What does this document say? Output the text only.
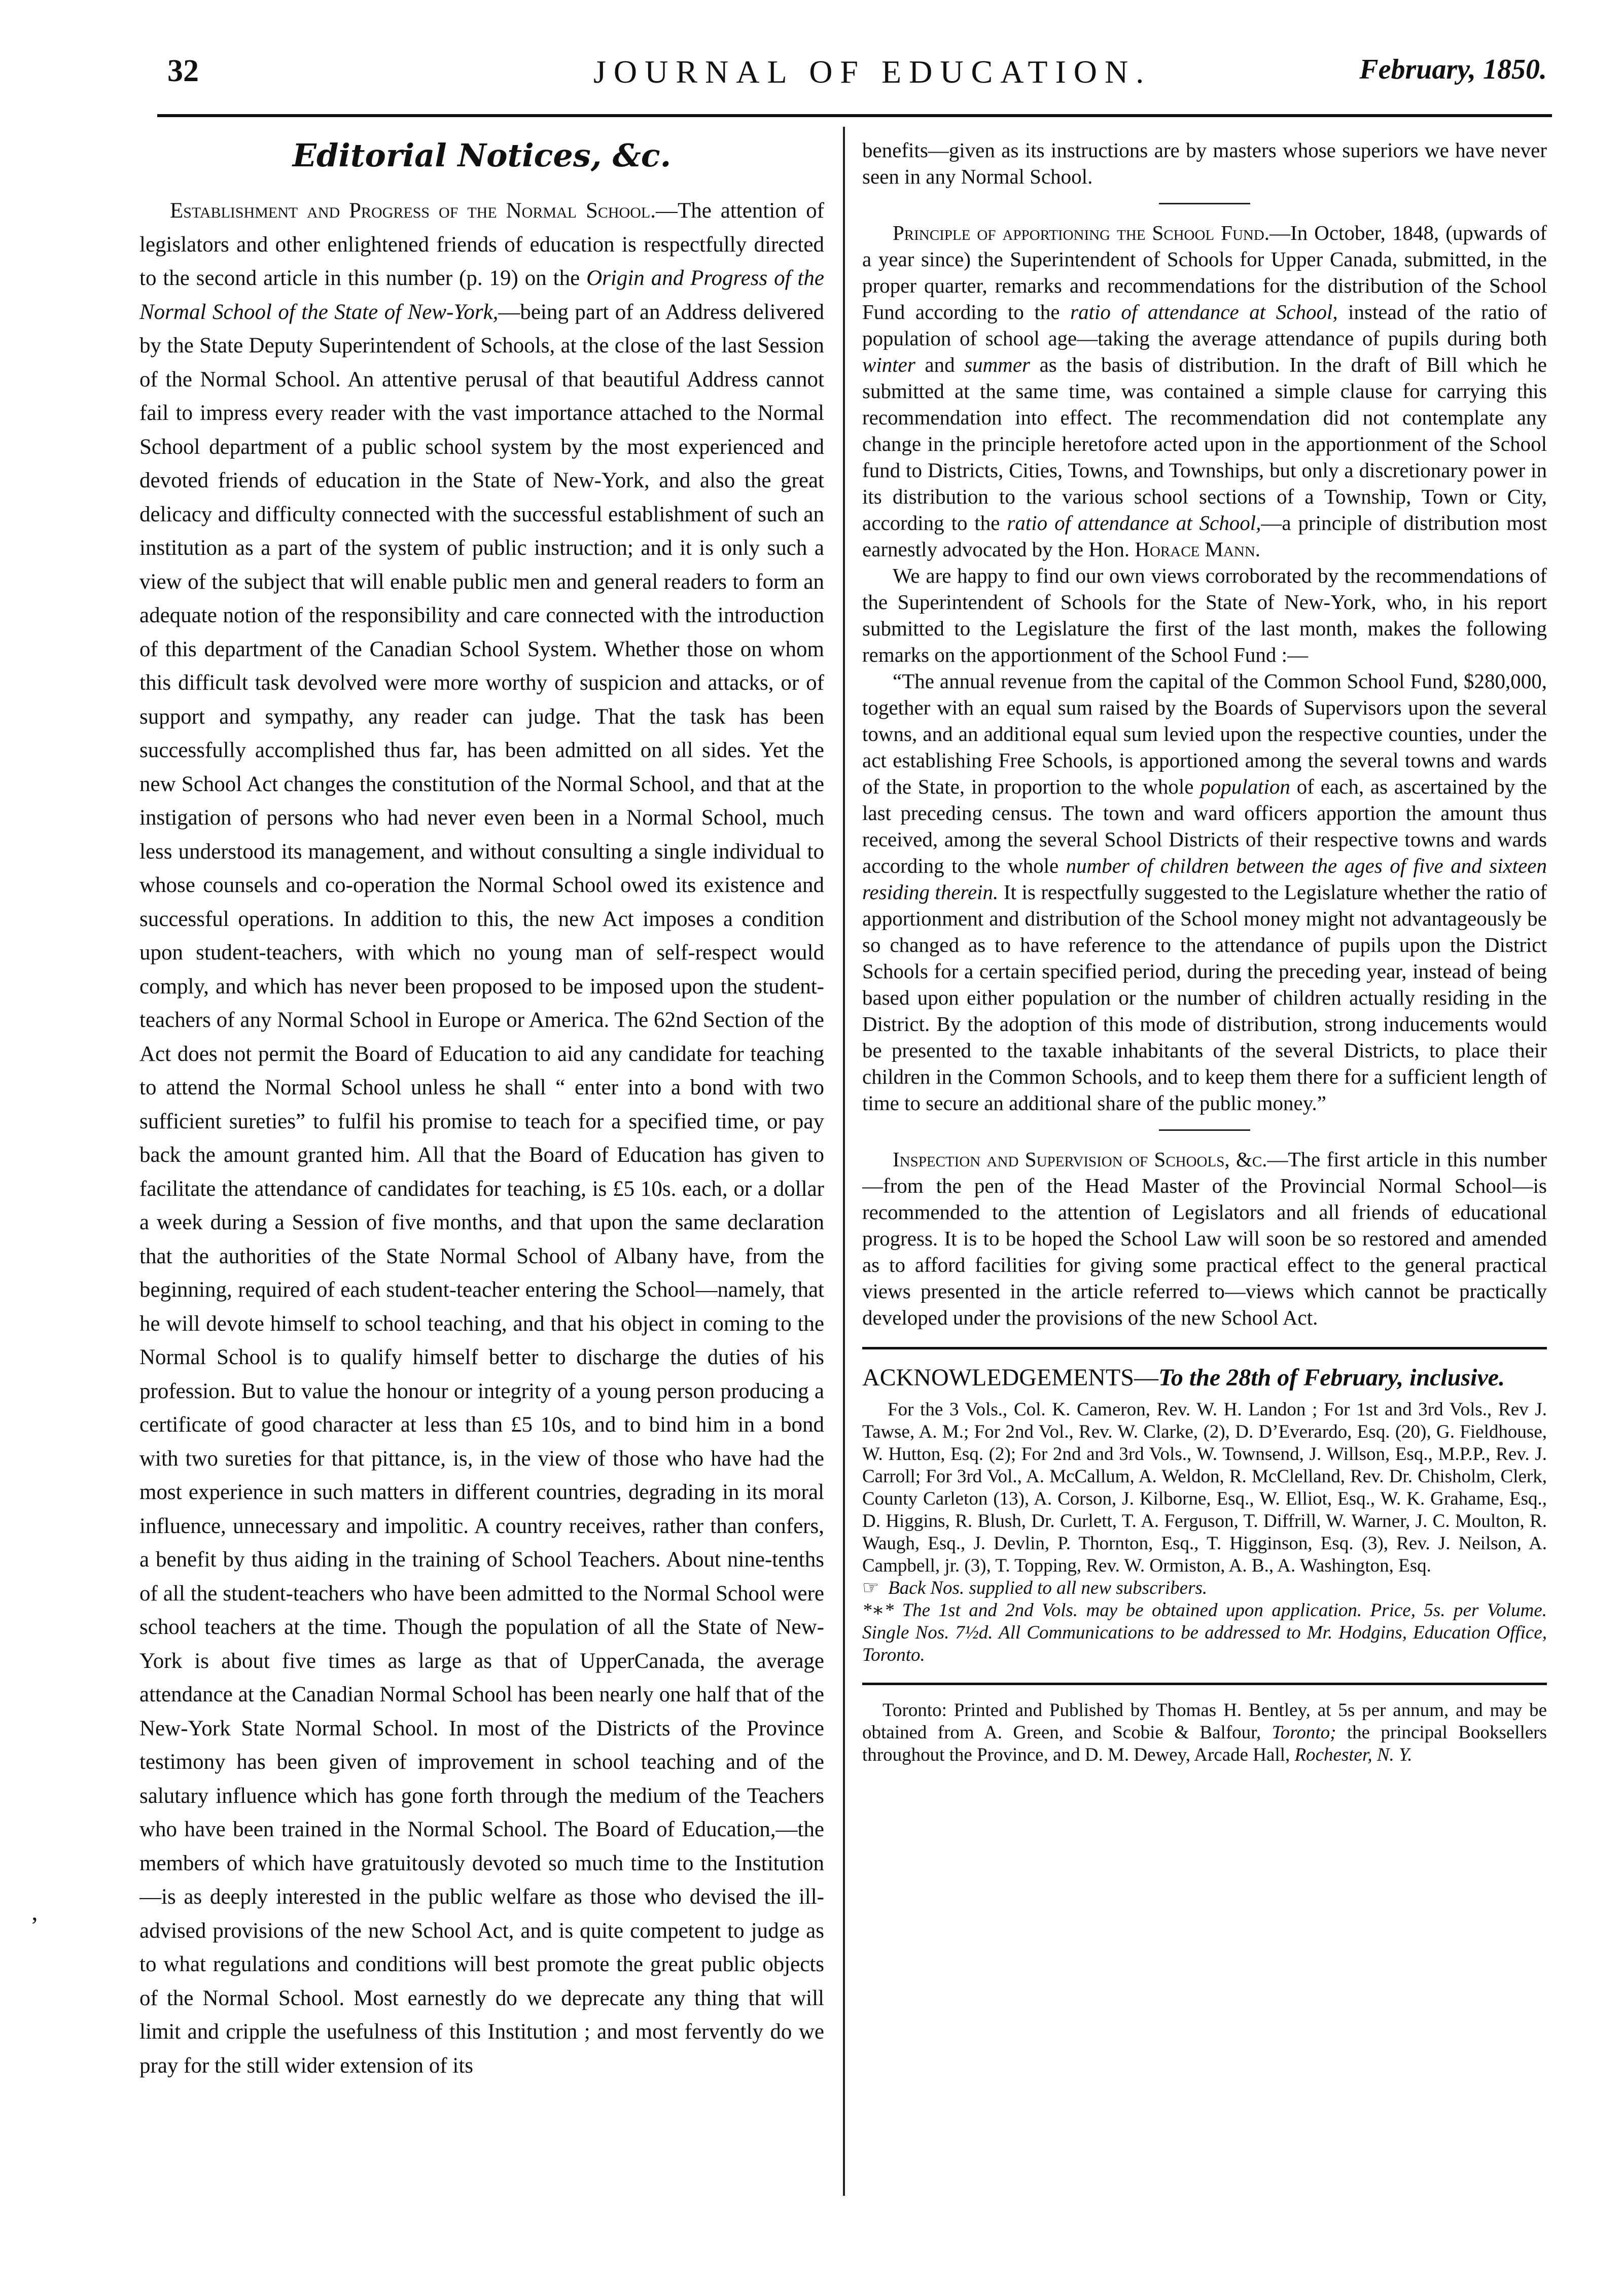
32	JOURNAL OF EDUCATION.	February, 1850.
’
Editorial Notices, &c.

Establishment and Progress of the Normal School.—The attention of legislators and other enlightened friends of education is respectfully directed to the second article in this number (p. 19) on the Origin and Progress of the Normal School of the State of New-York,—being part of an Address delivered by the State Deputy Superintendent of Schools, at the close of the last Session of the Normal School. An attentive perusal of that beautiful Address cannot fail to impress every reader with the vast importance attached to the Normal School department of a public school system by the most experienced and devoted friends of education in the State of New-York, and also the great delicacy and difficulty connected with the successful establishment of such an institution as a part of the system of public instruction; and it is only such a view of the subject that will enable public men and general readers to form an adequate notion of the responsibility and care connected with the introduction of this department of the Canadian School System. Whether those on whom this difficult task devolved were more worthy of suspicion and attacks, or of support and sympathy, any reader can judge. That the task has been successfully accomplished thus far, has been admitted on all sides. Yet the new School Act changes the constitution of the Normal School, and that at the instigation of persons who had never even been in a Normal School, much less understood its management, and without consulting a single individual to whose counsels and co-operation the Normal School owed its existence and successful operations. In addition to this, the new Act imposes a condition upon student-teachers, with which no young man of self-respect would comply, and which has never been proposed to be imposed upon the student-teachers of any Normal School in Europe or America. The 62nd Section of the Act does not permit the Board of Education to aid any candidate for teaching to attend the Normal School unless he shall “ enter into a bond with two sufficient sureties” to fulfil his promise to teach for a specified time, or pay back the amount granted him. All that the Board of Education has given to facilitate the attendance of candidates for teaching, is £5 10s. each, or a dollar a week during a Session of five months, and that upon the same declaration that the authorities of the State Normal School of Albany have, from the beginning, required of each student-teacher entering the School—namely, that he will devote himself to school teaching, and that his object in coming to the Normal School is to qualify himself better to discharge the duties of his profession. But to value the honour or integrity of a young person producing a certificate of good character at less than £5 10s, and to bind him in a bond with two sureties for that pittance, is, in the view of those who have had the most experience in such matters in different countries, degrading in its moral influence, unnecessary and impolitic. A country receives, rather than confers, a benefit by thus aiding in the training of School Teachers. About nine-tenths of all the student-teachers who have been admitted to the Normal School were school teachers at the time. Though the population of all the State of New-York is about five times as large as that of UpperCanada, the average attendance at the Canadian Normal School has been nearly one half that of the New-York State Normal School. In most of the Districts of the Province testimony has been given of improvement in school teaching and of the salutary influence which has gone forth through the medium of the Teachers who have been trained in the Normal School. The Board of Education,—the members of which have gratuitously devoted so much time to the Institution—is as deeply interested in the public welfare as those who devised the ill-advised provisions of the new School Act, and is quite competent to judge as to what regulations and conditions will best promote the great public objects of the Normal School. Most earnestly do we deprecate any thing that will limit and cripple the usefulness of this Institution ; and most fervently do we pray for the still wider extension of its

benefits—given as its instructions are by masters whose superiors we have never seen in any Normal School.

Principle of apportioning the School Fund.—In October, 1848, (upwards of a year since) the Superintendent of Schools for Upper Canada, submitted, in the proper quarter, remarks and recommendations for the distribution of the School Fund according to the ratio of attendance at School, instead of the ratio of population of school age—taking the average attendance of pupils during both winter and summer as the basis of distribution. In the draft of Bill which he submitted at the same time, was contained a simple clause for carrying this recommendation into effect. The recommendation did not contemplate any change in the principle heretofore acted upon in the apportionment of the School fund to Districts, Cities, Towns, and Townships, but only a discretionary power in its distribution to the various school sections of a Township, Town or City, according to the ratio of attendance at School,—a principle of distribution most earnestly advocated by the Hon. Horace Mann.

We are happy to find our own views corroborated by the recommendations of the Superintendent of Schools for the State of New-York, who, in his report submitted to the Legislature the first of the last month, makes the following remarks on the apportionment of the School Fund :—

“The annual revenue from the capital of the Common School Fund, $280,000, together with an equal sum raised by the Boards of Supervisors upon the several towns, and an additional equal sum levied upon the respective counties, under the act establishing Free Schools, is apportioned among the several towns and wards of the State, in proportion to the whole population of each, as ascertained by the last preceding census. The town and ward officers apportion the amount thus received, among the several School Districts of their respective towns and wards according to the whole number of children between the ages of five and sixteen residing therein. It is respectfully suggested to the Legislature whether the ratio of apportionment and distribution of the School money might not advantageously be so changed as to have reference to the attendance of pupils upon the District Schools for a certain specified period, during the preceding year, instead of being based upon either population or the number of children actually residing in the District. By the adoption of this mode of distribution, strong inducements would be presented to the taxable inhabitants of the several Districts, to place their children in the Common Schools, and to keep them there for a sufficient length of time to secure an additional share of the public money.”

Inspection and Supervision of Schools, &c.—The first article in this number—from the pen of the Head Master of the Provincial Normal School—is recommended to the attention of Legislators and all friends of educational progress. It is to be hoped the School Law will soon be so restored and amended as to afford facilities for giving some practical effect to the general practical views presented in the article referred to—views which cannot be practically developed under the provisions of the new School Act.

ACKNOWLEDGEMENTS—To the 28th of February, inclusive.

For the 3 Vols., Col. K. Cameron, Rev. W. H. Landon ; For 1st and 3rd Vols., Rev J. Tawse, A. M.; For 2nd Vol., Rev. W. Clarke, (2), D. D’Everardo, Esq. (20), G. Fieldhouse, W. Hutton, Esq. (2); For 2nd and 3rd Vols., W. Townsend, J. Willson, Esq., M.P.P., Rev. J. Carroll; For 3rd Vol., A. McCallum, A. Weldon, R. McClelland, Rev. Dr. Chisholm, Clerk, County Carleton (13), A. Corson, J. Kilborne, Esq., W. Elliot, Esq., W. K. Grahame, Esq., D. Higgins, R. Blush, Dr. Curlett, T. A. Ferguson, T. Diffrill, W. Warner, J. C. Moulton, R. Waugh, Esq., J. Devlin, P. Thornton, Esq., T. Higginson, Esq. (3), Rev. J. Neilson, A. Campbell, jr. (3), T. Topping, Rev. W. Ormiston, A. B., A. Washington, Esq.

☞ Back Nos. supplied to all new subscribers.

*∗* The 1st and 2nd Vols. may be obtained upon application. Price, 5s. per Volume. Single Nos. 7½d. All Communications to be addressed to Mr. Hodgins, Education Office, Toronto.

Toronto: Printed and Published by Thomas H. Bentley, at 5s per annum, and may be obtained from A. Green, and Scobie & Balfour, Toronto; the principal Booksellers throughout the Province, and D. M. Dewey, Arcade Hall, Rochester, N. Y.
